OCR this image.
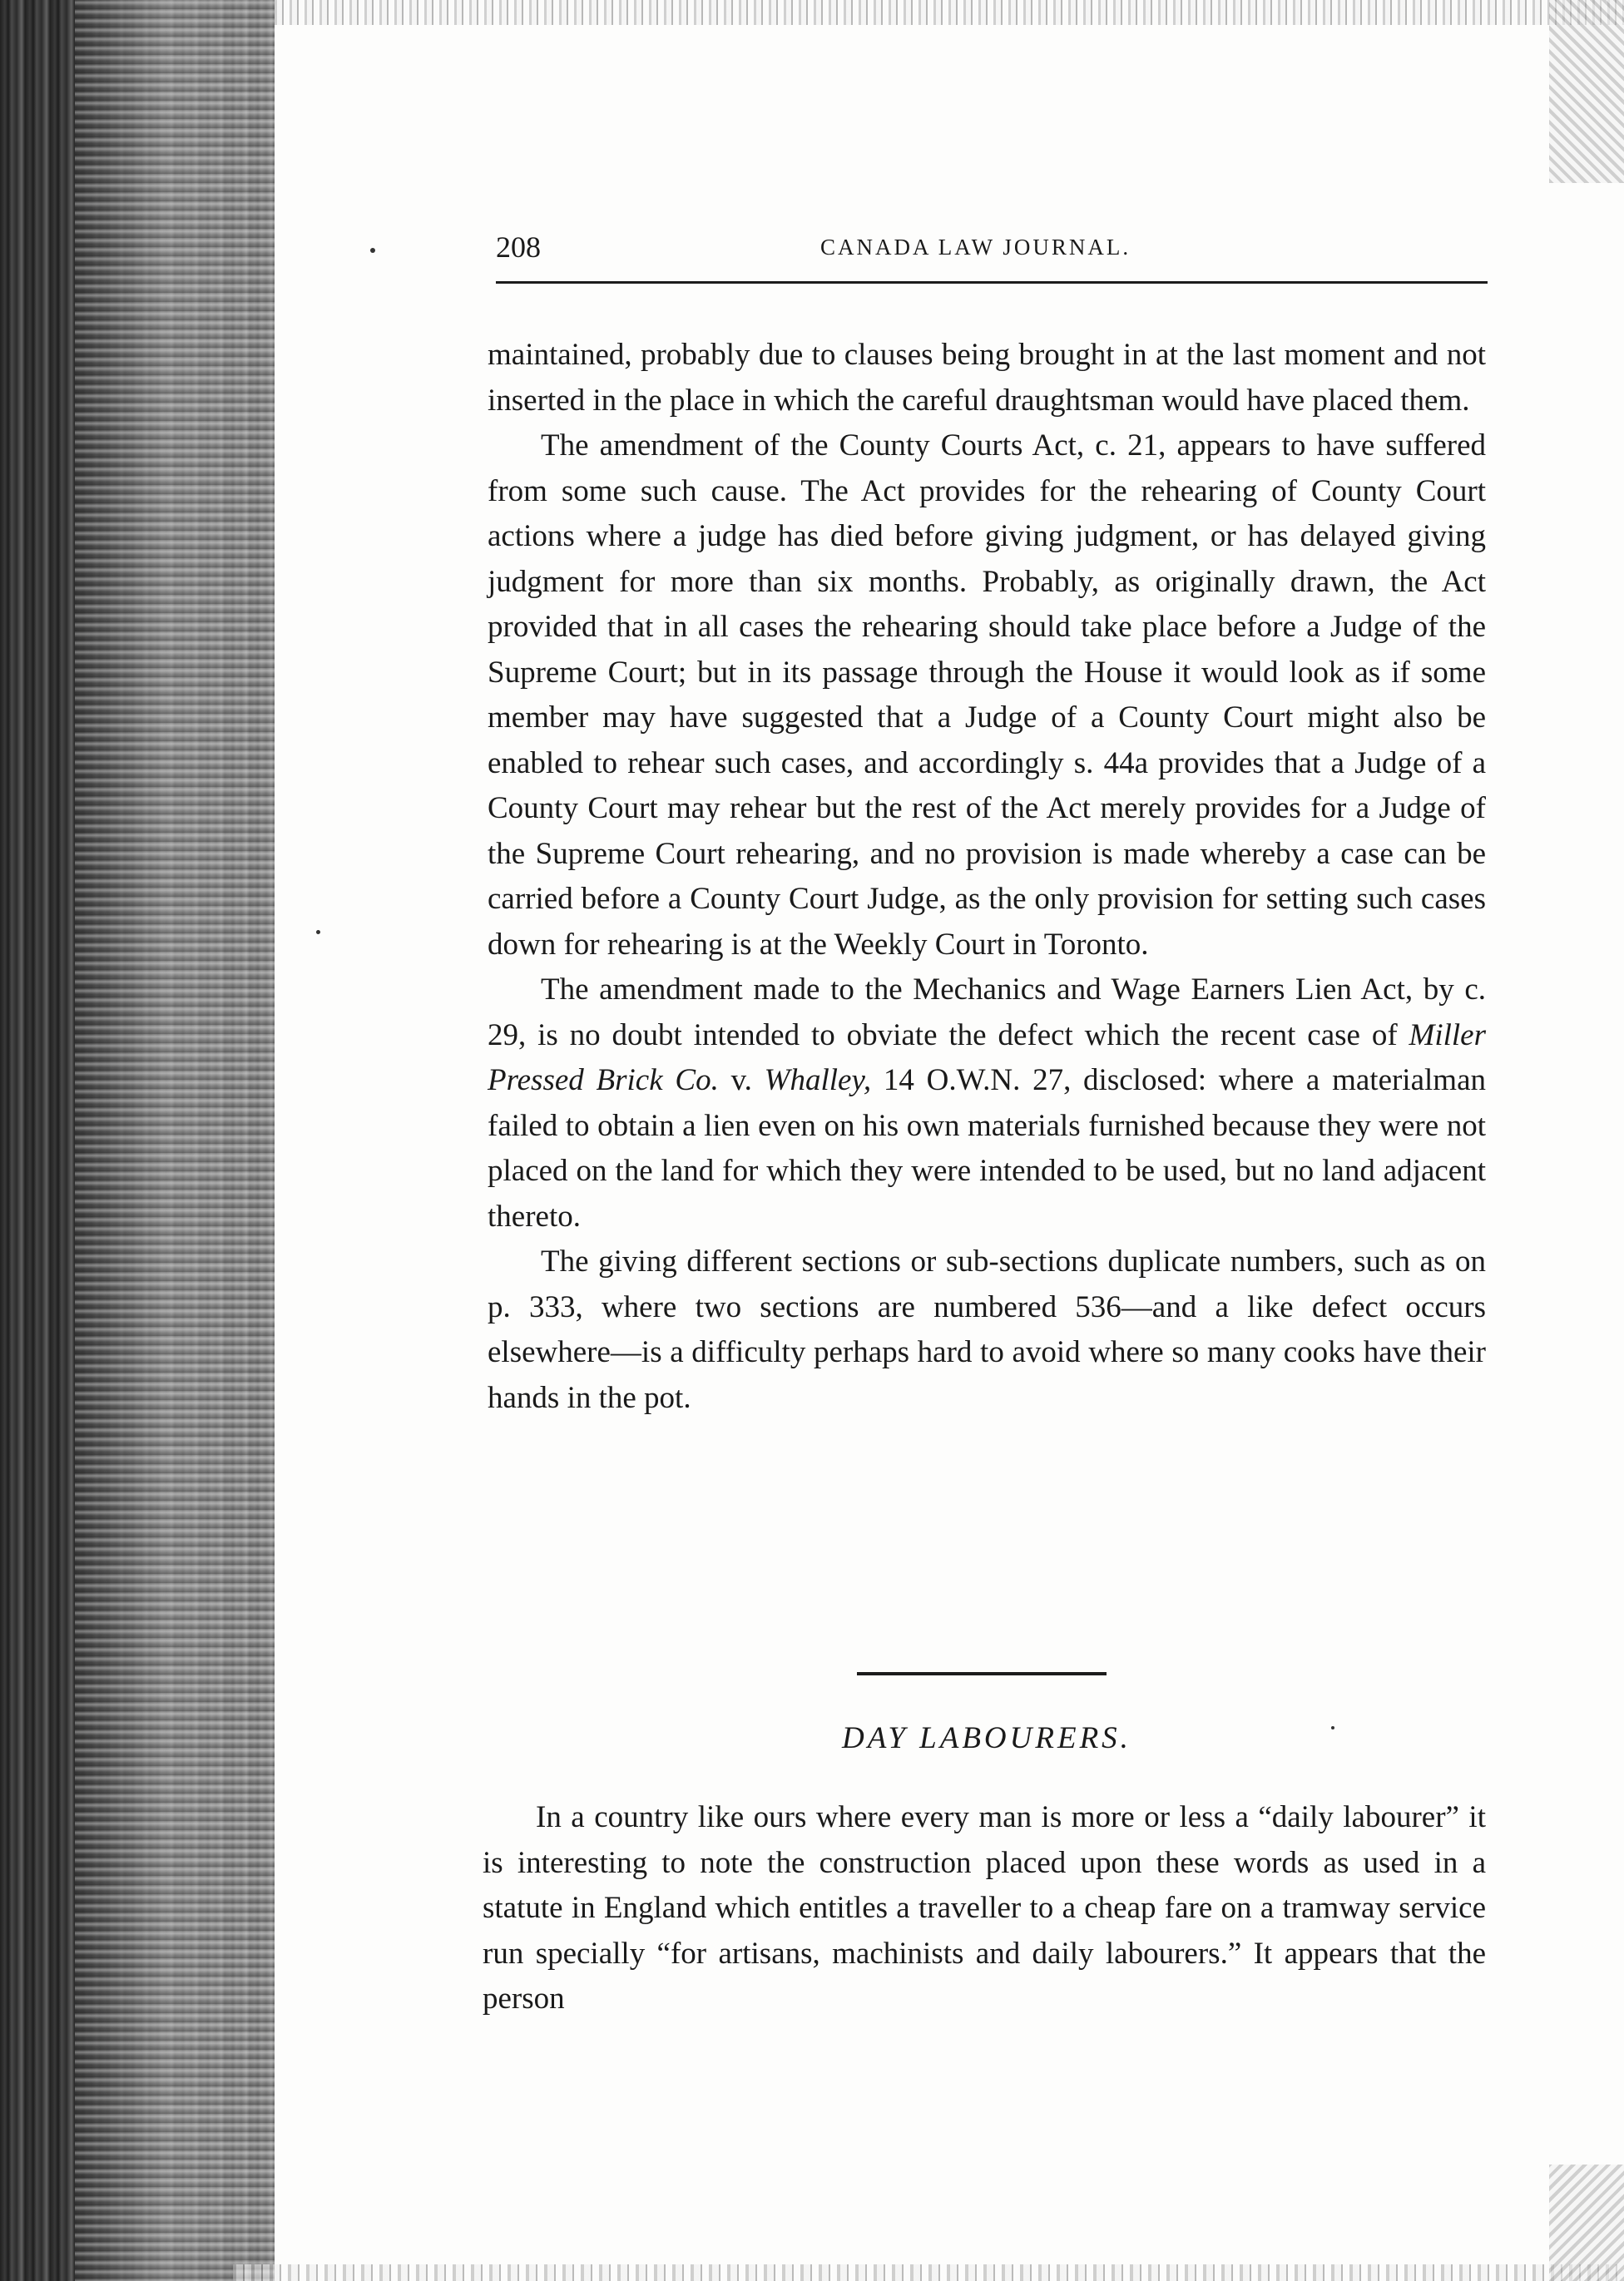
208	CANADA LAW JOURNAL.

maintained, probably due to clauses being brought in at the last moment and not inserted in the place in which the careful draughtsman would have placed them.

The amendment of the County Courts Act, c. 21, appears to have suffered from some such cause. The Act provides for the rehearing of County Court actions where a judge has died before giving judgment, or has delayed giving judgment for more than six months. Probably, as originally drawn, the Act provided that in all cases the rehearing should take place before a Judge of the Supreme Court; but in its passage through the House it would look as if some member may have suggested that a Judge of a County Court might also be enabled to rehear such cases, and accordingly s. 44a provides that a Judge of a County Court may rehear but the rest of the Act merely provides for a Judge of the Supreme Court rehearing, and no provision is made whereby a case can be carried before a County Court Judge, as the only provision for setting such cases down for rehearing is at the Weekly Court in Toronto.

The amendment made to the Mechanics and Wage Earners Lien Act, by c. 29, is no doubt intended to obviate the defect which the recent case of Miller Pressed Brick Co. v. Whalley, 14 O.W.N. 27, disclosed: where a materialman failed to obtain a lien even on his own materials furnished because they were not placed on the land for which they were intended to be used, but no land adjacent thereto.

The giving different sections or sub-sections duplicate numbers, such as on p. 333, where two sections are numbered 536—and a like defect occurs elsewhere—is a difficulty perhaps hard to avoid where so many cooks have their hands in the pot.

DAY LABOURERS.

In a country like ours where every man is more or less a “daily labourer” it is interesting to note the construction placed upon these words as used in a statute in England which entitles a traveller to a cheap fare on a tramway service run specially “for artisans, machinists and daily labourers.” It appears that the person
